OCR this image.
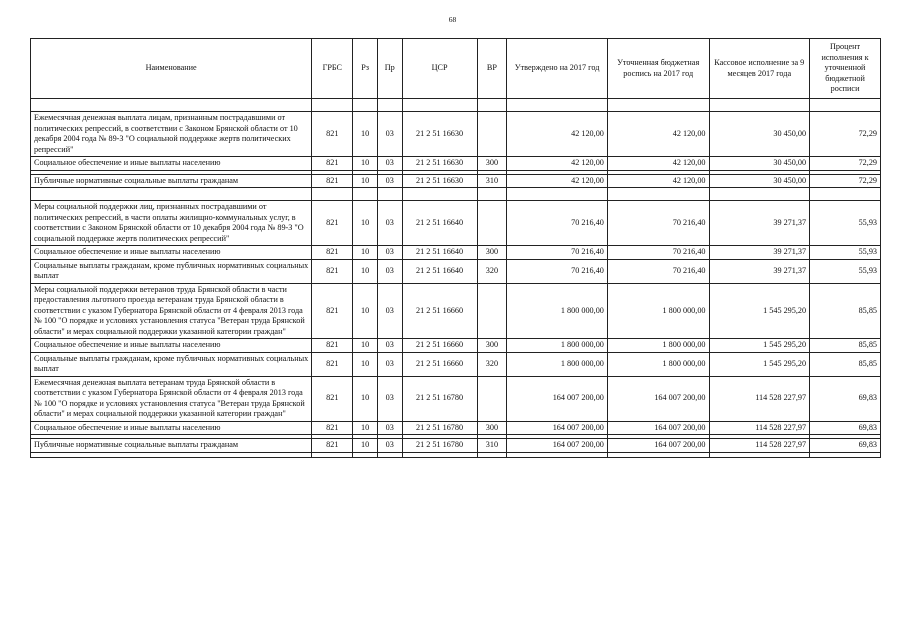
68
Наименование	ГРБС	Рз	Пр	ЦСР	ВР	Утверждено на 2017 год	Уточненная бюджетная роспись на 2017 год	Кассовое исполнение за 9 месяцев 2017 года	Процент исполнения к уточненной бюджетной росписи

Ежемесячная денежная выплата лицам, признанным пострадавшими от политических репрессий, в соответствии с Законом Брянской области от 10 декабря 2004 года № 89-З "О социальной поддержке жертв политических репрессий"	821	10	03	21 2 51 16630		42 120,00	42 120,00	30 450,00	72,29
Социальное обеспечение и иные выплаты населению	821	10	03	21 2 51 16630	300	42 120,00	42 120,00	30 450,00	72,29

Публичные нормативные социальные выплаты гражданам	821	10	03	21 2 51 16630	310	42 120,00	42 120,00	30 450,00	72,29

Меры социальной поддержки лиц, признанных пострадавшими от политических репрессий, в части оплаты жилищно-коммунальных услуг, в соответствии с Законом Брянской области от 10 декабря 2004 года № 89-З "О социальной поддержке жертв политических репрессий"	821	10	03	21 2 51 16640		70 216,40	70 216,40	39 271,37	55,93
Социальное обеспечение и иные выплаты населению	821	10	03	21 2 51 16640	300	70 216,40	70 216,40	39 271,37	55,93
Социальные выплаты гражданам, кроме публичных нормативных социальных выплат	821	10	03	21 2 51 16640	320	70 216,40	70 216,40	39 271,37	55,93
Меры социальной поддержки ветеранов труда Брянской области в части предоставления льготного проезда ветеранам труда Брянской области в соответствии с указом Губернатора Брянской области от 4 февраля 2013 года № 100 "О порядке и условиях установления статуса "Ветеран труда Брянской области" и мерах социальной поддержки указанной категории граждан"	821	10	03	21 2 51 16660		1 800 000,00	1 800 000,00	1 545 295,20	85,85
Социальное обеспечение и иные выплаты населению	821	10	03	21 2 51 16660	300	1 800 000,00	1 800 000,00	1 545 295,20	85,85
Социальные выплаты гражданам, кроме публичных нормативных социальных выплат	821	10	03	21 2 51 16660	320	1 800 000,00	1 800 000,00	1 545 295,20	85,85
Ежемесячная денежная выплата ветеранам труда Брянской области в соответствии с указом Губернатора Брянской области от 4 февраля 2013 года № 100 "О порядке и условиях установления статуса "Ветеран труда Брянской области" и мерах социальной поддержки указанной категории граждан"	821	10	03	21 2 51 16780		164 007 200,00	164 007 200,00	114 528 227,97	69,83
Социальное обеспечение и иные выплаты населению	821	10	03	21 2 51 16780	300	164 007 200,00	164 007 200,00	114 528 227,97	69,83

Публичные нормативные социальные выплаты гражданам	821	10	03	21 2 51 16780	310	164 007 200,00	164 007 200,00	114 528 227,97	69,83
